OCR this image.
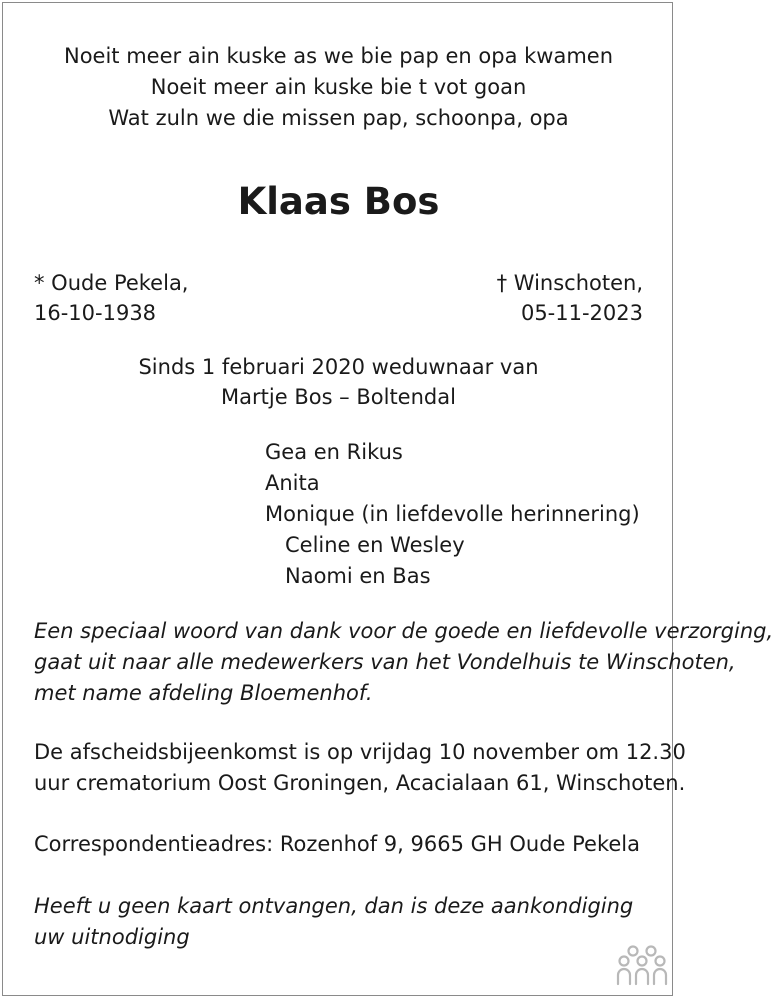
Noeit meer ain kuske as we bie pap en opa kwamen
Noeit meer ain kuske bie t vot goan
Wat zuln we die missen pap, schoonpa, opa
Klaas Bos
* Oude Pekela,
16-10-1938
† Winschoten,
05-11-2023
Sinds 1 februari 2020 weduwnaar van
Martje Bos – Boltendal
Gea en Rikus
Anita
Monique (in liefdevolle herinnering)
Celine en Wesley
Naomi en Bas
Een speciaal woord van dank voor de goede en liefdevolle verzorging,
gaat uit naar alle medewerkers van het Vondelhuis te Winschoten,
met name afdeling Bloemenhof.
De afscheidsbijeenkomst is op vrijdag 10 november om 12.30
uur crematorium Oost Groningen, Acacialaan 61, Winschoten.
Correspondentieadres: Rozenhof 9, 9665 GH Oude Pekela
Heeft u geen kaart ontvangen, dan is deze aankondiging
uw uitnodiging
